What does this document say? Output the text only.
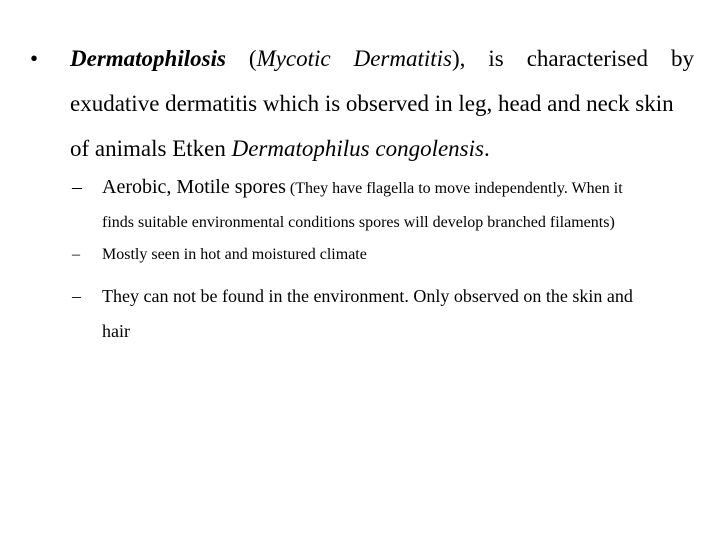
•	Dermatophilosis (Mycotic Dermatitis), is characterised by
exudative dermatitis which is observed in leg, head and neck skin
of animals Etken Dermatophilus congolensis.
– Aerobic, Motile spores (They have flagella to move independently. When it
finds suitable environmental conditions spores will develop branched filaments)
– Mostly seen in hot and moistured climate
– They can not be found in the environment. Only observed on the skin and
hair
